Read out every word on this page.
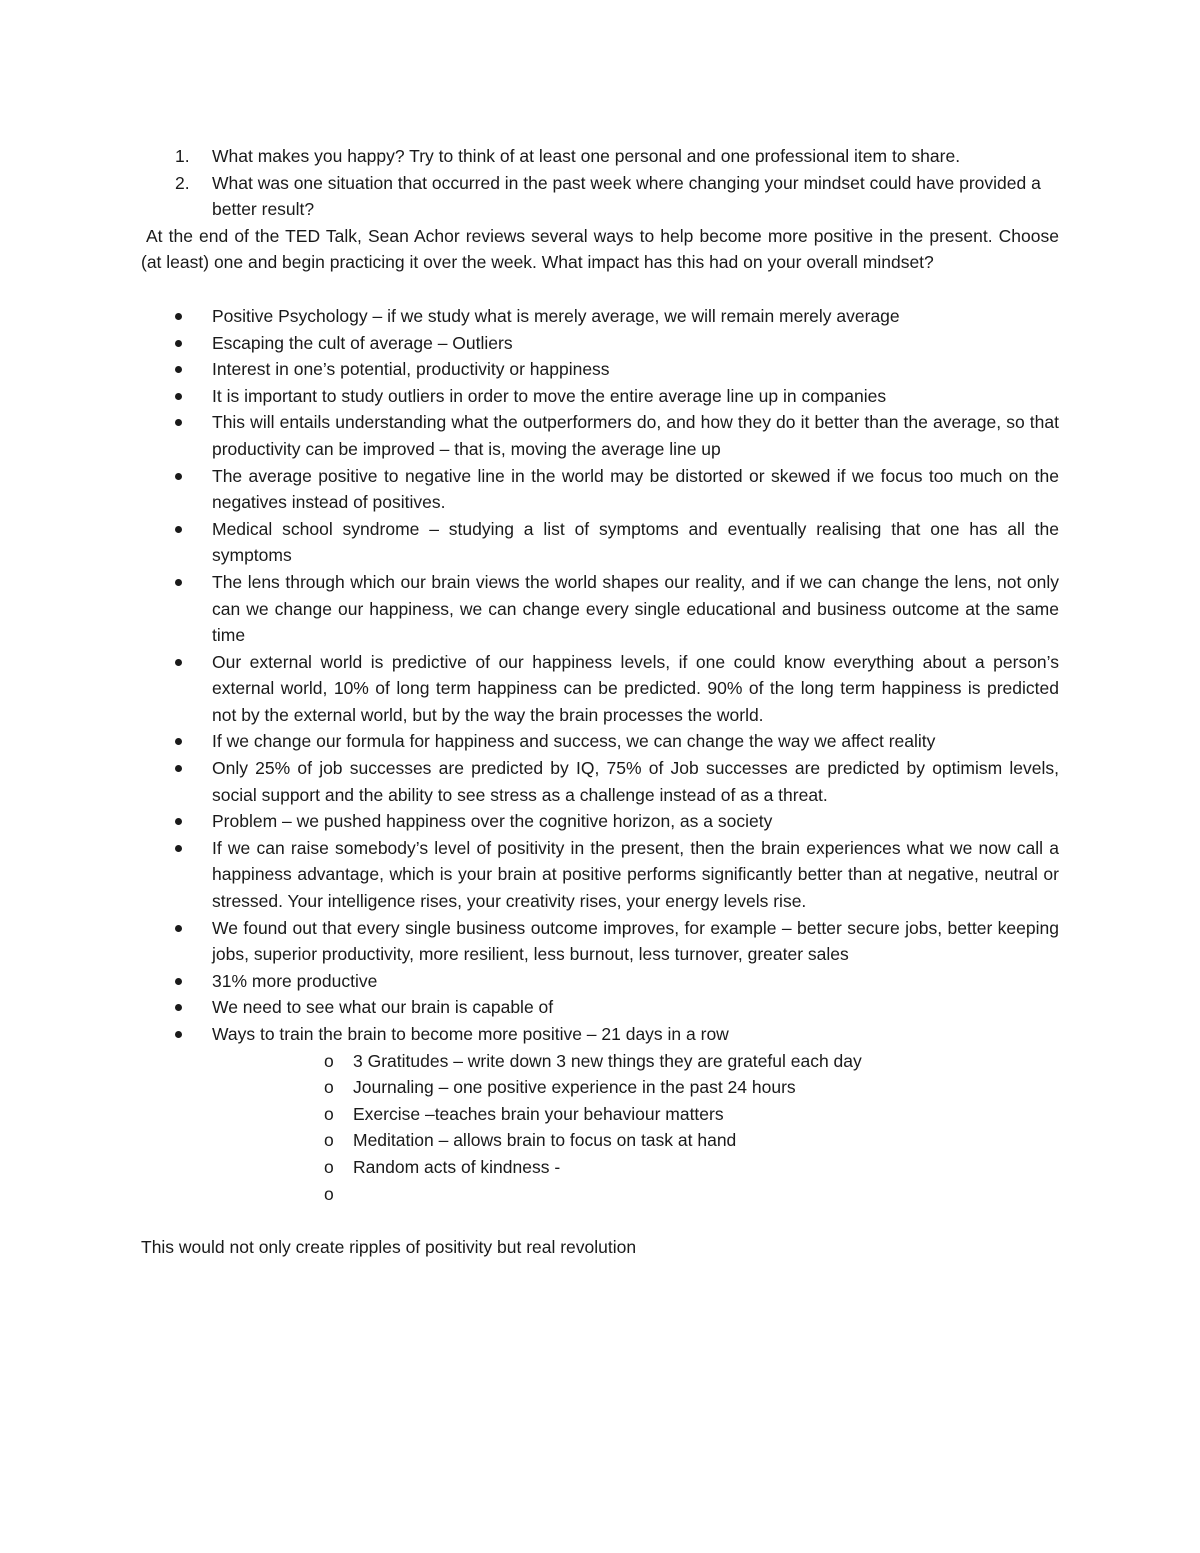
1. What makes you happy? Try to think of at least one personal and one professional item to share.
2. What was one situation that occurred in the past week where changing your mindset could have provided a better result?

At the end of the TED Talk, Sean Achor reviews several ways to help become more positive in the present. Choose (at least) one and begin practicing it over the week. What impact has this had on your overall mindset?

Positive Psychology – if we study what is merely average, we will remain merely average
Escaping the cult of average – Outliers
Interest in one’s potential, productivity or happiness
It is important to study outliers in order to move the entire average line up in companies
This will entails understanding what the outperformers do, and how they do it better than the average, so that productivity can be improved – that is, moving the average line up
The average positive to negative line in the world may be distorted or skewed if we focus too much on the negatives instead of positives.
Medical school syndrome – studying a list of symptoms and eventually realising that one has all the symptoms
The lens through which our brain views the world shapes our reality, and if we can change the lens, not only can we change our happiness, we can change every single educational and business outcome at the same time
Our external world is predictive of our happiness levels, if one could know everything about a person’s external world, 10% of long term happiness can be predicted. 90% of the long term happiness is predicted not by the external world, but by the way the brain processes the world.
If we change our formula for happiness and success, we can change the way we affect reality
Only 25% of job successes are predicted by IQ, 75% of Job successes are predicted by optimism levels, social support and the ability to see stress as a challenge instead of as a threat.
Problem – we pushed happiness over the cognitive horizon, as a society
If we can raise somebody’s level of positivity in the present, then the brain experiences what we now call a happiness advantage, which is your brain at positive performs significantly better than at negative, neutral or stressed. Your intelligence rises, your creativity rises, your energy levels rise.
We found out that every single business outcome improves, for example – better secure jobs, better keeping jobs, superior productivity, more resilient, less burnout, less turnover, greater sales
31% more productive
We need to see what our brain is capable of
Ways to train the brain to become more positive – 21 days in a row
o 3 Gratitudes – write down 3 new things they are grateful each day
o Journaling – one positive experience in the past 24 hours
o Exercise –teaches brain your behaviour matters
o Meditation – allows brain to focus on task at hand
o Random acts of kindness -
o

This would not only create ripples of positivity but real revolution
